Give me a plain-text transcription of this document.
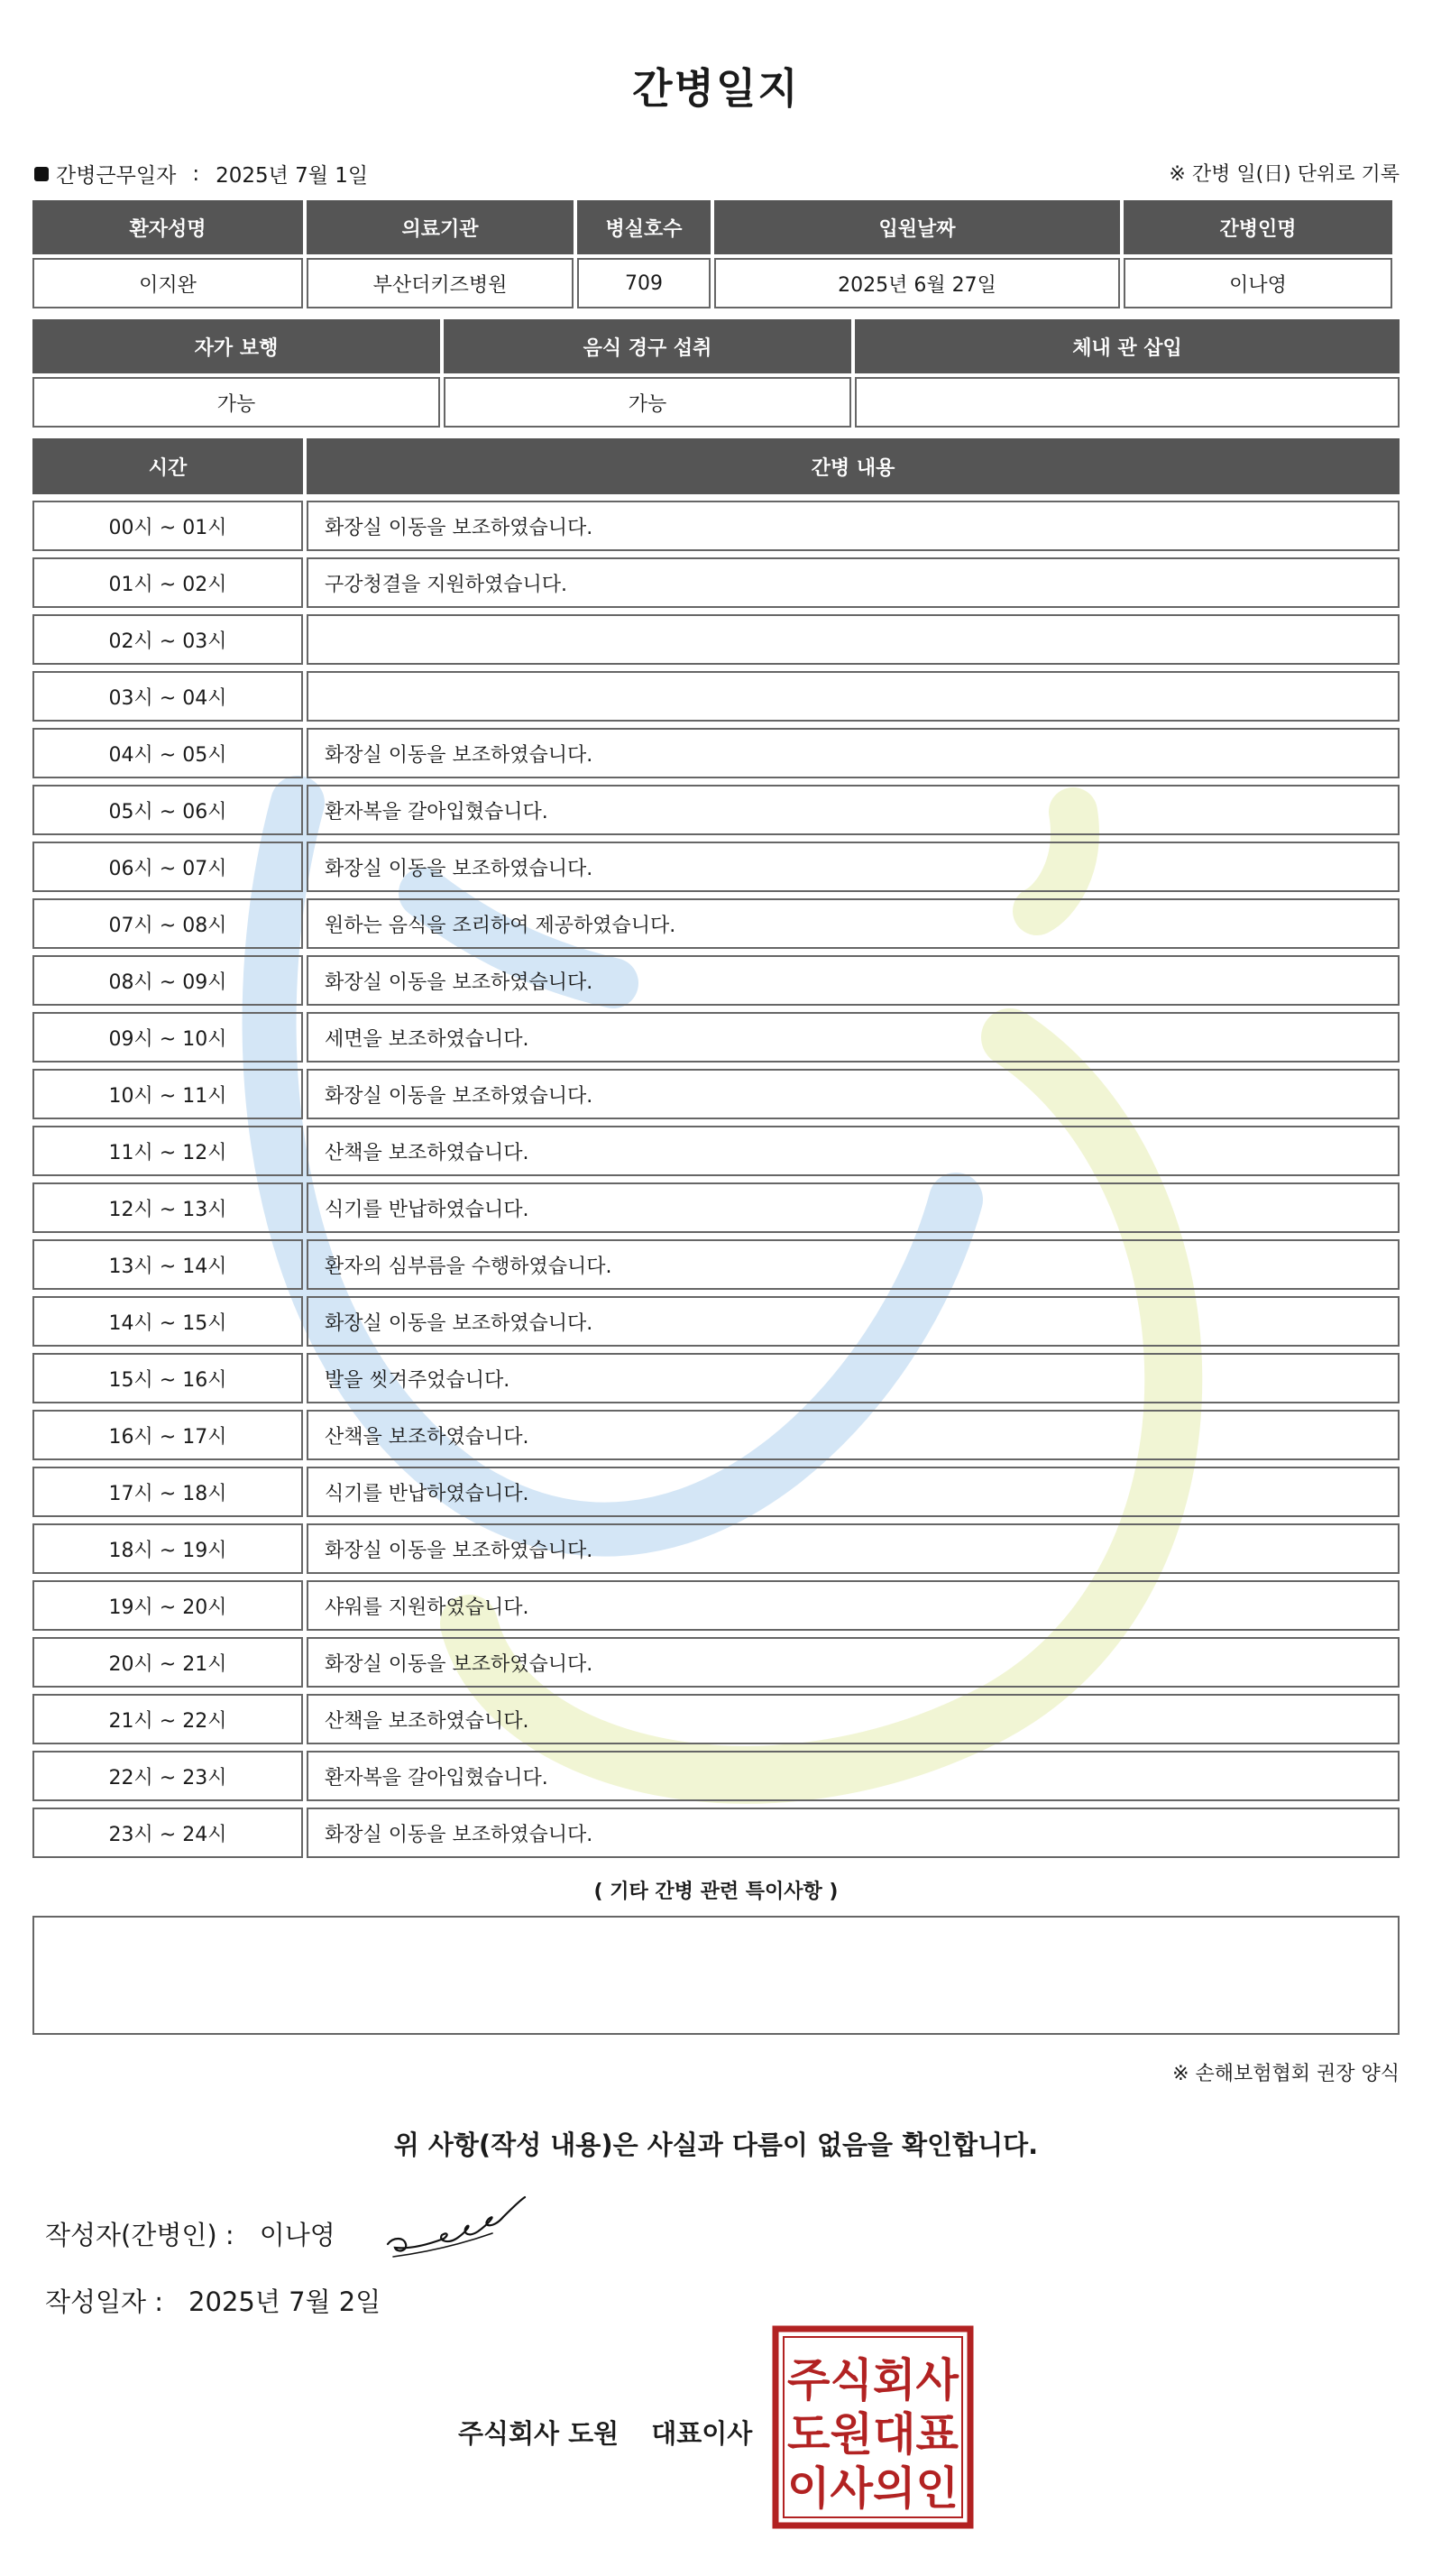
간병일지
간병근무일자 : 2025년 7월 1일	※ 간병 일(日) 단위로 기록
환자성명	의료기관	병실호수	입원날짜	간병인명
이지완	부산더키즈병원	709	2025년 6월 27일	이나영
자가 보행	음식 경구 섭취	체내 관 삽입
가능	가능
시간	간병 내용
00시 ~ 01시	화장실 이동을 보조하였습니다.
01시 ~ 02시	구강청결을 지원하였습니다.
02시 ~ 03시
03시 ~ 04시
04시 ~ 05시	화장실 이동을 보조하였습니다.
05시 ~ 06시	환자복을 갈아입혔습니다.
06시 ~ 07시	화장실 이동을 보조하였습니다.
07시 ~ 08시	원하는 음식을 조리하여 제공하였습니다.
08시 ~ 09시	화장실 이동을 보조하였습니다.
09시 ~ 10시	세면을 보조하였습니다.
10시 ~ 11시	화장실 이동을 보조하였습니다.
11시 ~ 12시	산책을 보조하였습니다.
12시 ~ 13시	식기를 반납하였습니다.
13시 ~ 14시	환자의 심부름을 수행하였습니다.
14시 ~ 15시	화장실 이동을 보조하였습니다.
15시 ~ 16시	발을 씻겨주었습니다.
16시 ~ 17시	산책을 보조하였습니다.
17시 ~ 18시	식기를 반납하였습니다.
18시 ~ 19시	화장실 이동을 보조하였습니다.
19시 ~ 20시	샤워를 지원하였습니다.
20시 ~ 21시	화장실 이동을 보조하였습니다.
21시 ~ 22시	산책을 보조하였습니다.
22시 ~ 23시	환자복을 갈아입혔습니다.
23시 ~ 24시	화장실 이동을 보조하였습니다.
( 기타 간병 관련 특이사항 )
※ 손해보험협회 권장 양식
위 사항(작성 내용)은 사실과 다름이 없음을 확인합니다.
작성자(간병인) : 이나영
작성일자 : 2025년 7월 2일
주식회사 도원 대표이사
주식회사
도원대표
이사의인
